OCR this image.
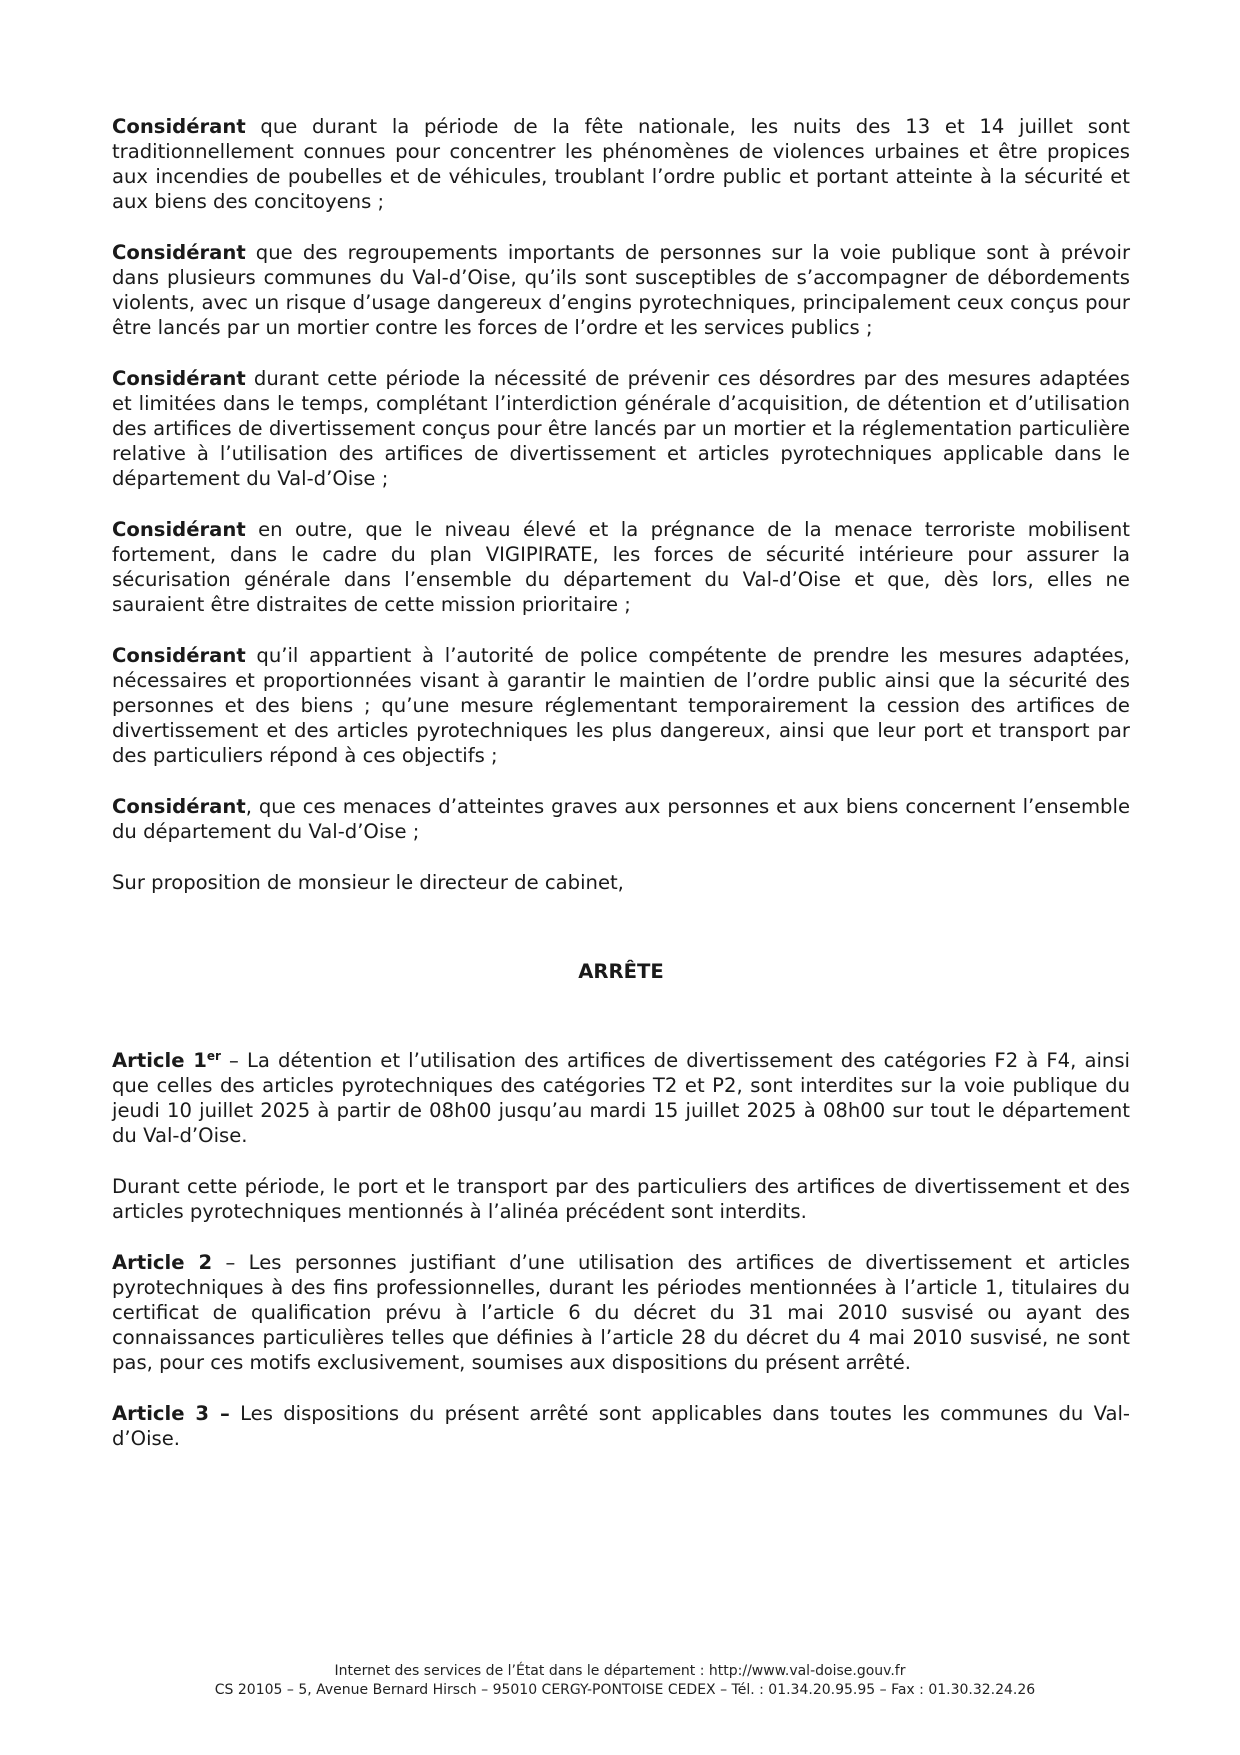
Considérant que durant la période de la fête nationale, les nuits des 13 et 14 juillet sont traditionnellement connues pour concentrer les phénomènes de violences urbaines et être propices aux incendies de poubelles et de véhicules, troublant l’ordre public et portant atteinte à la sécurité et aux biens des concitoyens ;

Considérant que des regroupements importants de personnes sur la voie publique sont à prévoir dans plusieurs communes du Val-d’Oise, qu’ils sont susceptibles de s’accompagner de débordements violents, avec un risque d’usage dangereux d’engins pyrotechniques, principalement ceux conçus pour être lancés par un mortier contre les forces de l’ordre et les services publics ;

Considérant durant cette période la nécessité de prévenir ces désordres par des mesures adaptées et limitées dans le temps, complétant l’interdiction générale d’acquisition, de détention et d’utilisation des artifices de divertissement conçus pour être lancés par un mortier et la réglementation particulière relative à l’utilisation des artifices de divertissement et articles pyrotechniques applicable dans le département du Val-d’Oise ;

Considérant en outre, que le niveau élevé et la prégnance de la menace terroriste mobilisent fortement, dans le cadre du plan VIGIPIRATE, les forces de sécurité intérieure pour assurer la sécurisation générale dans l’ensemble du département du Val-d’Oise et que, dès lors, elles ne sauraient être distraites de cette mission prioritaire ;

Considérant qu’il appartient à l’autorité de police compétente de prendre les mesures adaptées, nécessaires et proportionnées visant à garantir le maintien de l’ordre public ainsi que la sécurité des personnes et des biens ; qu’une mesure réglementant temporairement la cession des artifices de divertissement et des articles pyrotechniques les plus dangereux, ainsi que leur port et transport par des particuliers répond à ces objectifs ;

Considérant, que ces menaces d’atteintes graves aux personnes et aux biens concernent l’ensemble du département du Val-d’Oise ;

Sur proposition de monsieur le directeur de cabinet,

ARRÊTE

Article 1er – La détention et l’utilisation des artifices de divertissement des catégories F2 à F4, ainsi que celles des articles pyrotechniques des catégories T2 et P2, sont interdites sur la voie publique du jeudi 10 juillet 2025 à partir de 08h00 jusqu’au mardi 15 juillet 2025 à 08h00 sur tout le département du Val-d’Oise.

Durant cette période, le port et le transport par des particuliers des artifices de divertissement et des articles pyrotechniques mentionnés à l’alinéa précédent sont interdits.

Article 2 – Les personnes justifiant d’une utilisation des artifices de divertissement et articles pyrotechniques à des fins professionnelles, durant les périodes mentionnées à l’article 1, titulaires du certificat de qualification prévu à l’article 6 du décret du 31 mai 2010 susvisé ou ayant des connaissances particulières telles que définies à l’article 28 du décret du 4 mai 2010 susvisé, ne sont pas, pour ces motifs exclusivement, soumises aux dispositions du présent arrêté.

Article 3 – Les dispositions du présent arrêté sont applicables dans toutes les communes du Val-d’Oise.

Internet des services de l’État dans le département : http://www.val-doise.gouv.fr
CS 20105 – 5, Avenue Bernard Hirsch – 95010 CERGY-PONTOISE CEDEX – Tél. : 01.34.20.95.95 – Fax : 01.30.32.24.26
